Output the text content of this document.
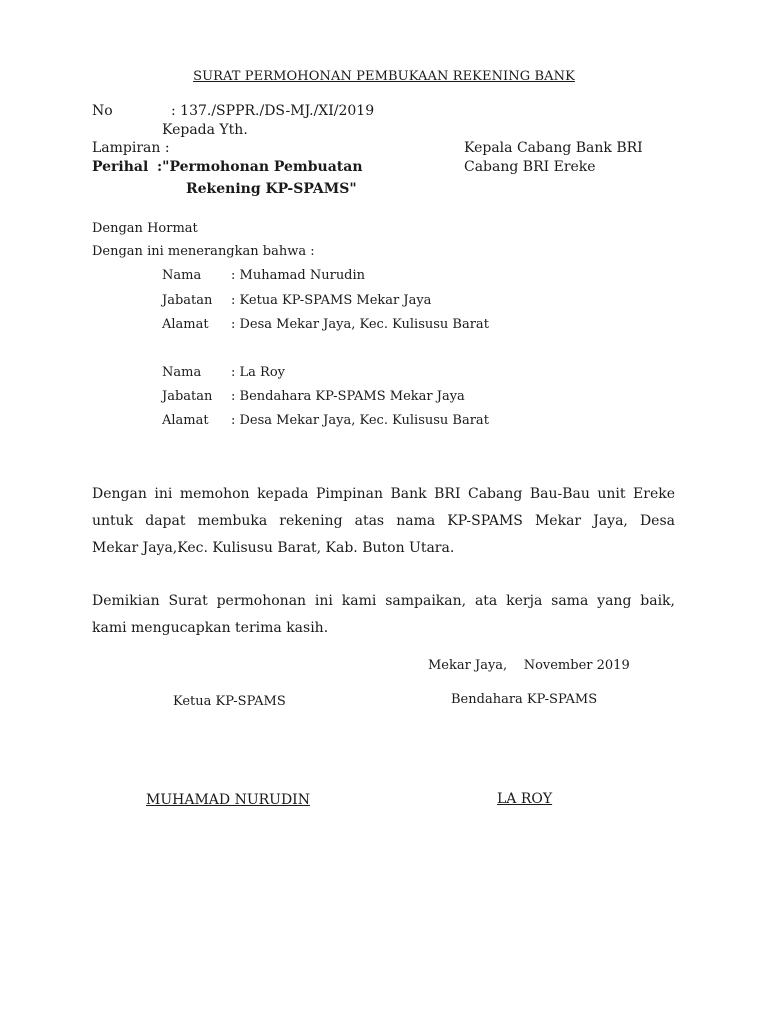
SURAT PERMOHONAN PEMBUKAAN REKENING BANK
No	: 137./SPPR./DS-MJ./XI/2019
Kepada Yth.
Lampiran :
Perihal :"Permohonan Pembuatan
Rekening KP-SPAMS"
Kepala Cabang Bank BRI
Cabang BRI Ereke
Dengan Hormat
Dengan ini menerangkan bahwa :
Nama : Muhamad Nurudin
Jabatan : Ketua KP-SPAMS Mekar Jaya
Alamat : Desa Mekar Jaya, Kec. Kulisusu Barat
Nama : La Roy
Jabatan : Bendahara KP-SPAMS Mekar Jaya
Alamat : Desa Mekar Jaya, Kec. Kulisusu Barat
Dengan ini memohon kepada Pimpinan Bank BRI Cabang Bau-Bau unit Ereke
untuk dapat membuka rekening atas nama KP-SPAMS Mekar Jaya, Desa
Mekar Jaya,Kec. Kulisusu Barat, Kab. Buton Utara.
Demikian Surat permohonan ini kami sampaikan, ata kerja sama yang baik,
kami mengucapkan terima kasih.
Mekar Jaya,    November 2019
Ketua KP-SPAMS	Bendahara KP-SPAMS
MUHAMAD NURUDIN	LA ROY
